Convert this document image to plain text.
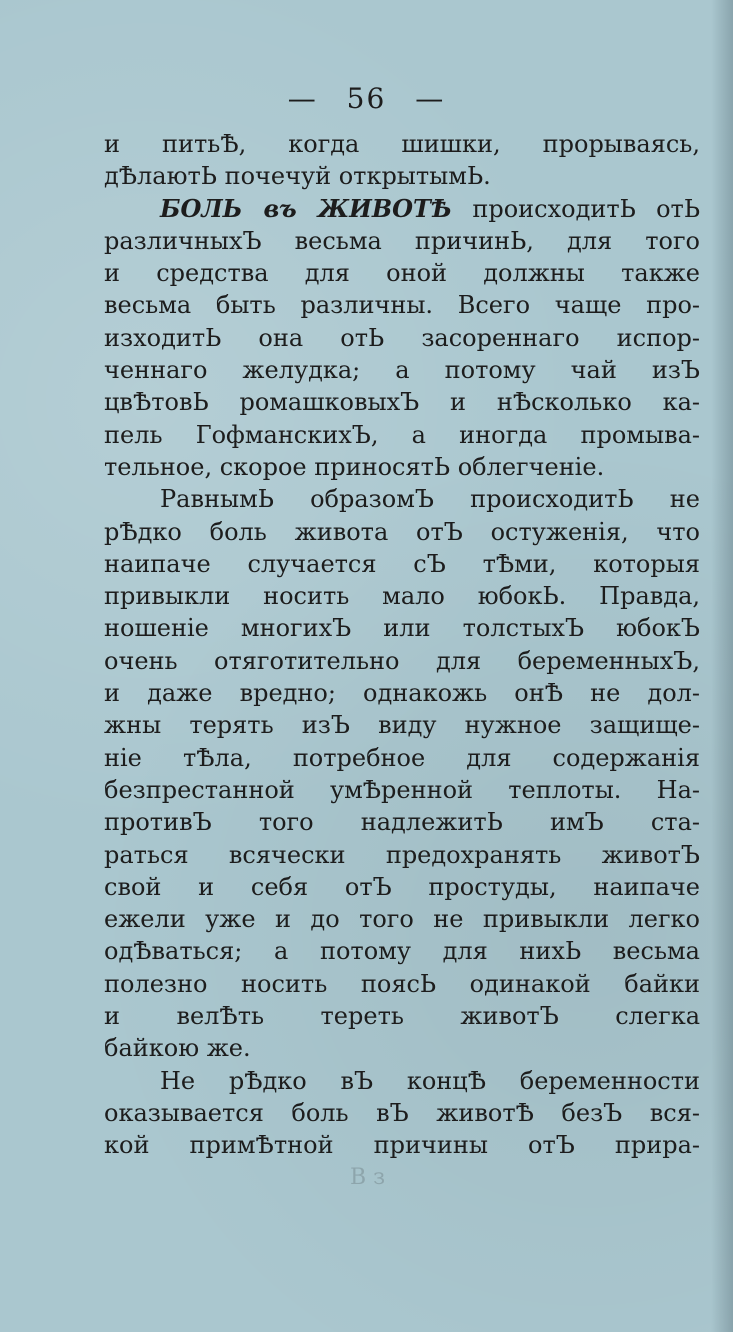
— 56 —
и питьѢ, когда шишки, прорываясь,
дѢлаютЬ почечуй открытымЬ.
БОЛЬ въ ЖИВОТѢ происходитЬ отЬ
различныхЪ весьма причинЬ, для того
и средства для оной должны также
весьма быть различны. Всего чаще про-
изходитЬ она отЬ засореннаго испор-
ченнаго желудка; а потому чай изЪ
цвѢтовЬ ромашковыхЪ и нѢсколько ка-
пель ГофманскихЪ, а иногда промыва-
тельное, скорое приносятЬ облегченіе.
РавнымЬ образомЪ происходитЬ не
рѢдко боль живота отЪ остуженія, что
наипаче случается сЪ тѢми, которыя
привыкли носить мало юбокЬ. Правда,
ношеніе многихЪ или толстыхЪ юбокЪ
очень отяготительно для беременныхЪ,
и даже вредно; однакожь онѢ не дол-
жны терять изЪ виду нужное защище-
ніе тѢла, потребное для содержанія
безпрестанной умѢренной теплоты. На-
противЪ того надлежитЬ имЪ ста-
раться всячески предохранять животЪ
свой и себя отЪ простуды, наипаче
ежели уже и до того не привыкли легко
одѢваться; а потому для нихЬ весьма
полезно носить поясЬ одинакой байки
и велѢть тереть животЪ слегка
байкою же.
Не рѢдко вЪ концѢ беременности
оказывается боль вЪ животѢ безЪ вся-
кой примѢтной причины отЪ прира-
В з
